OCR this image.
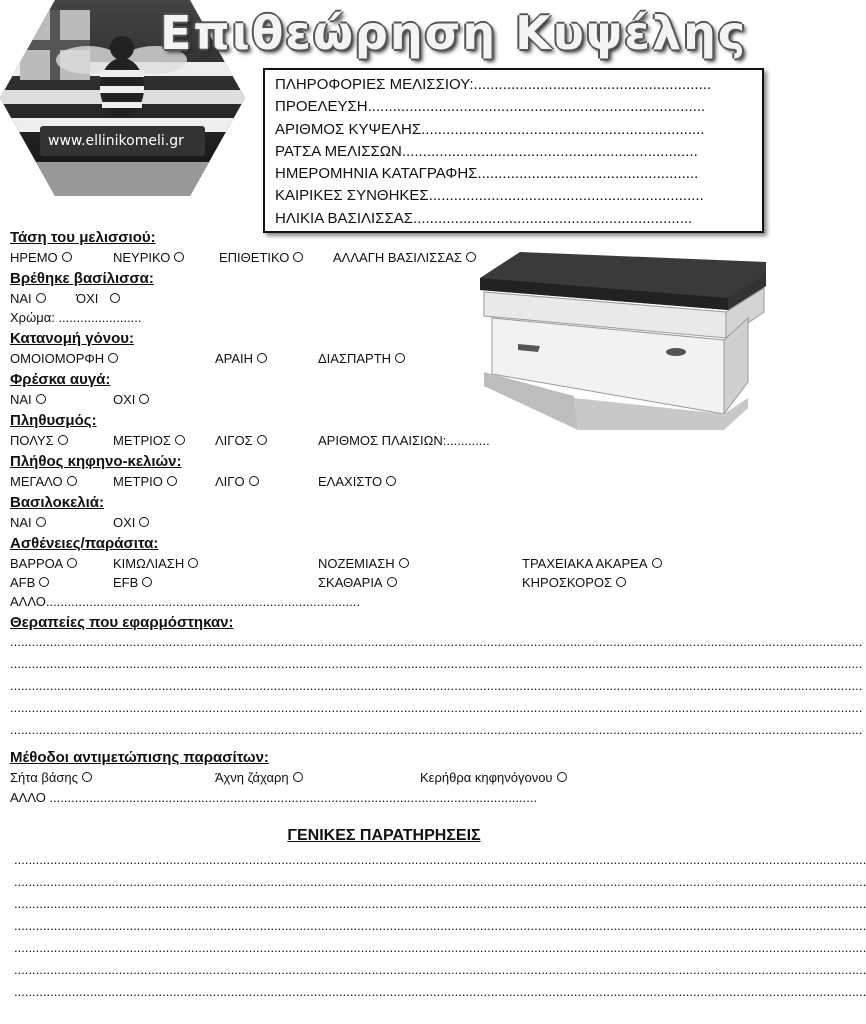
www.ellinikomeli.gr
Επιθεώρηση Κυψέλης
ΠΛΗΡΟΦΟΡΙΕΣ ΜΕΛΙΣΣΙΟΥ:.........................................................
ΠΡΟΕΛΕΥΣΗ.................................................................................
ΑΡΙΘΜΟΣ ΚΥΨΕΛΗΣ....................................................................
ΡΑΤΣΑ ΜΕΛΙΣΣΩΝ.......................................................................
ΗΜΕΡΟΜΗΝΙΑ ΚΑΤΑΓΡΑΦΗΣ.....................................................
ΚΑΙΡΙΚΕΣ ΣΥΝΘΗΚΕΣ..................................................................
ΗΛΙΚΙΑ ΒΑΣΙΛΙΣΣΑΣ...................................................................
Τάση του μελισσιού:
ΗΡΕΜΟ	ΝΕΥΡΙΚΟ	ΕΠΙΘΕΤΙΚΟ	ΑΛΛΑΓΗ ΒΑΣΙΛΙΣΣΑΣ
Βρέθηκε βασίλισσα:
ΝΑΙ	ΌΧΙ
Χρώμα: .......................
Κατανομή γόνου:
ΟΜΟΙΟΜΟΡΦΗ	ΑΡΑΙΗ	ΔΙΑΣΠΑΡΤΗ
Φρέσκα αυγά:
ΝΑΙ	ΟΧΙ
Πληθυσμός:
ΠΟΛΥΣ	ΜΕΤΡΙΟΣ	ΛΙΓΟΣ	ΑΡΙΘΜΟΣ ΠΛΑΙΣΙΩΝ:............
Πλήθος κηφηνο-κελιών:
ΜΕΓΑΛΟ	ΜΕΤΡΙΟ	ΛΙΓΟ	ΕΛΑΧΙΣΤΟ
Βασιλοκελιά:
ΝΑΙ	ΟΧΙ
Ασθένειες/παράσιτα:
ΒΑΡΡΟΑ	ΚΙΜΩΛΙΑΣΗ	ΝΟΖΕΜΙΑΣΗ	ΤΡΑΧΕΙΑΚΑ ΑΚΑΡΕΑ
AFB	EFB	ΣΚΑΘΑΡΙΑ	ΚΗΡΟΣΚΟΡΟΣ
ΑΛΛΟ.......................................................................................
Θεραπείες που εφαρμόστηκαν:
............................................................................................................................................................................................................................................
............................................................................................................................................................................................................................................
............................................................................................................................................................................................................................................
............................................................................................................................................................................................................................................
............................................................................................................................................................................................................................................
Μέθοδοι αντιμετώπισης παρασίτων:
Σήτα βάσης	Άχνη ζάχαρη	Κερήθρα κηφηνόγονου
ΑΛΛΟ .......................................................................................................................................
ΓΕΝΙΚΕΣ ΠΑΡΑΤΗΡΗΣΕΙΣ
............................................................................................................................................................................................................................................
............................................................................................................................................................................................................................................
............................................................................................................................................................................................................................................
............................................................................................................................................................................................................................................
............................................................................................................................................................................................................................................
............................................................................................................................................................................................................................................
............................................................................................................................................................................................................................................
